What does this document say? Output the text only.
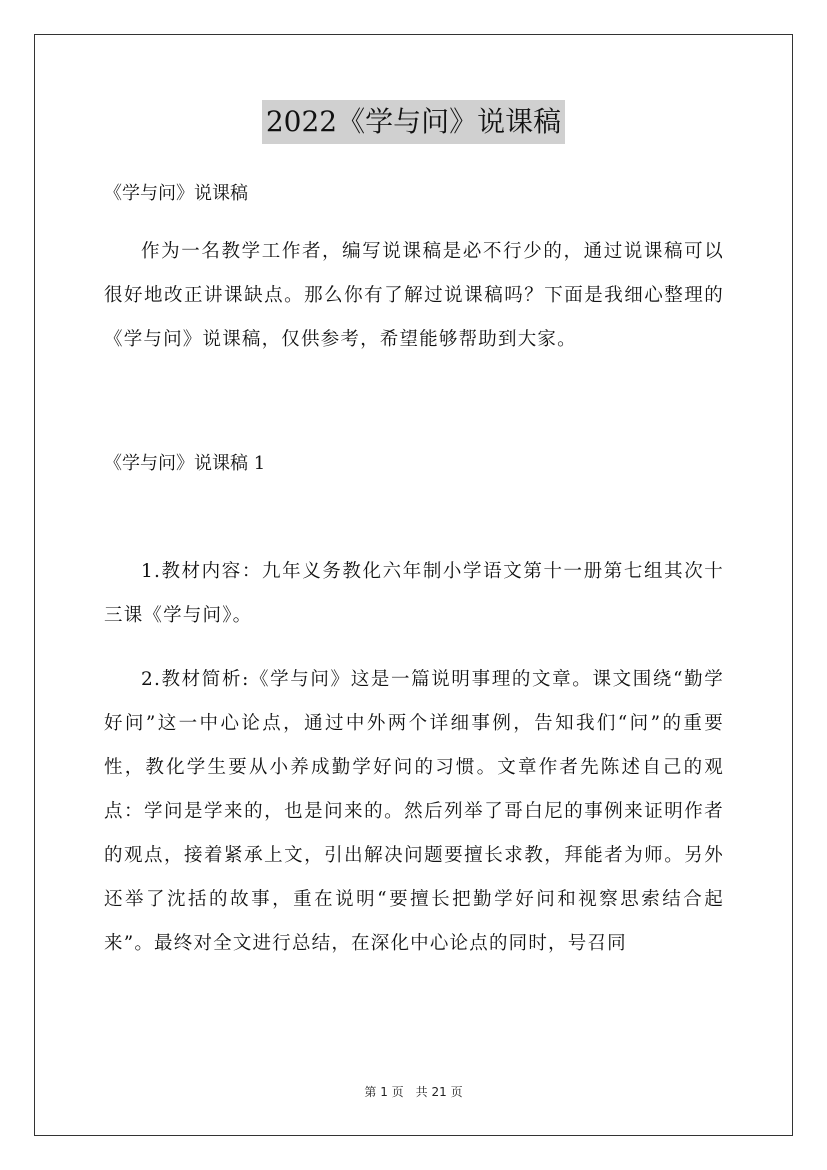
2022《学与问》说课稿
《学与问》说课稿
作为一名教学工作者，编写说课稿是必不行少的，通过说课稿可以很好地改正讲课缺点。那么你有了解过说课稿吗？下面是我细心整理的《学与问》说课稿，仅供参考，希望能够帮助到大家。
《学与问》说课稿 1
1.教材内容：九年义务教化六年制小学语文第十一册第七组其次十三课《学与问》。
2.教材简析:《学与问》这是一篇说明事理的文章。课文围绕“勤学好问”这一中心论点，通过中外两个详细事例，告知我们“问”的重要性，教化学生要从小养成勤学好问的习惯。文章作者先陈述自己的观点：学问是学来的，也是问来的。然后列举了哥白尼的事例来证明作者的观点，接着紧承上文，引出解决问题要擅长求教，拜能者为师。另外还举了沈括的故事，重在说明“要擅长把勤学好问和视察思索结合起来”。最终对全文进行总结，在深化中心论点的同时，号召同
第 1 页　共 21 页
